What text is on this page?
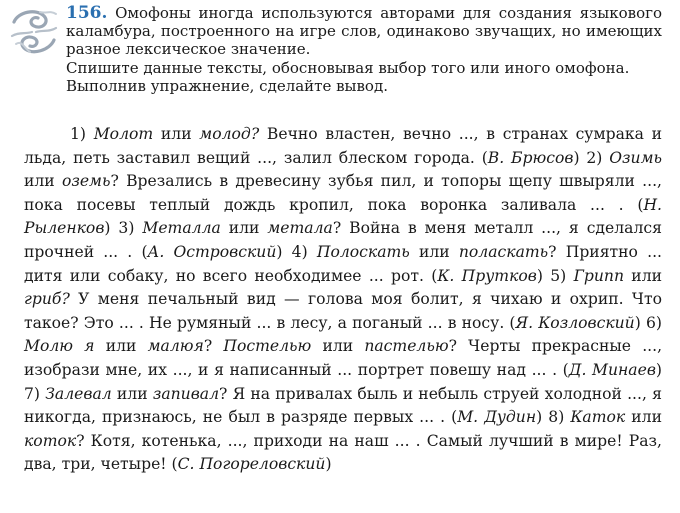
156. Омофоны иногда используются авторами для создания языкового каламбура, построенного на игре слов, одинаково звучащих, но имеющих разное лексическое значение.
Спишите данные тексты, обосновывая выбор того или иного омофона.
Выполнив упражнение, сделайте вывод.

1) Молот или молод? Вечно властен, вечно ..., в странах сумрака и льда, петь заставил вещий ..., залил блеском города. (В. Брюсов) 2) Озимь или оземь? Врезались в древесину зубья пил, и топоры щепу швыряли ..., пока посевы теплый дождь кропил, пока воронка заливала ... . (Н. Рыленков) 3) Металла или метала? Война в меня металл ..., я сделался прочней ... . (А. Островский) 4) Полоскать или поласкать? Приятно ... дитя или собаку, но всего необходимее ... рот. (К. Прутков) 5) Грипп или гриб? У меня печальный вид — голова моя болит, я чихаю и охрип. Что такое? Это ... . Не румяный ... в лесу, а поганый ... в носу. (Я. Козловский) 6) Молю я или малюя? Постелью или пастелью? Черты прекрасные ..., изобрази мне, их ..., и я написанный ... портрет повешу над ... . (Д. Минаев) 7) Залевал или запивал? Я на привалах быль и небыль струей холодной ..., я никогда, признаюсь, не был в разряде первых ... . (М. Дудин) 8) Каток или коток? Котя, котенька, ..., приходи на наш ... . Самый лучший в мире! Раз, два, три, четыре! (С. Погореловский)
